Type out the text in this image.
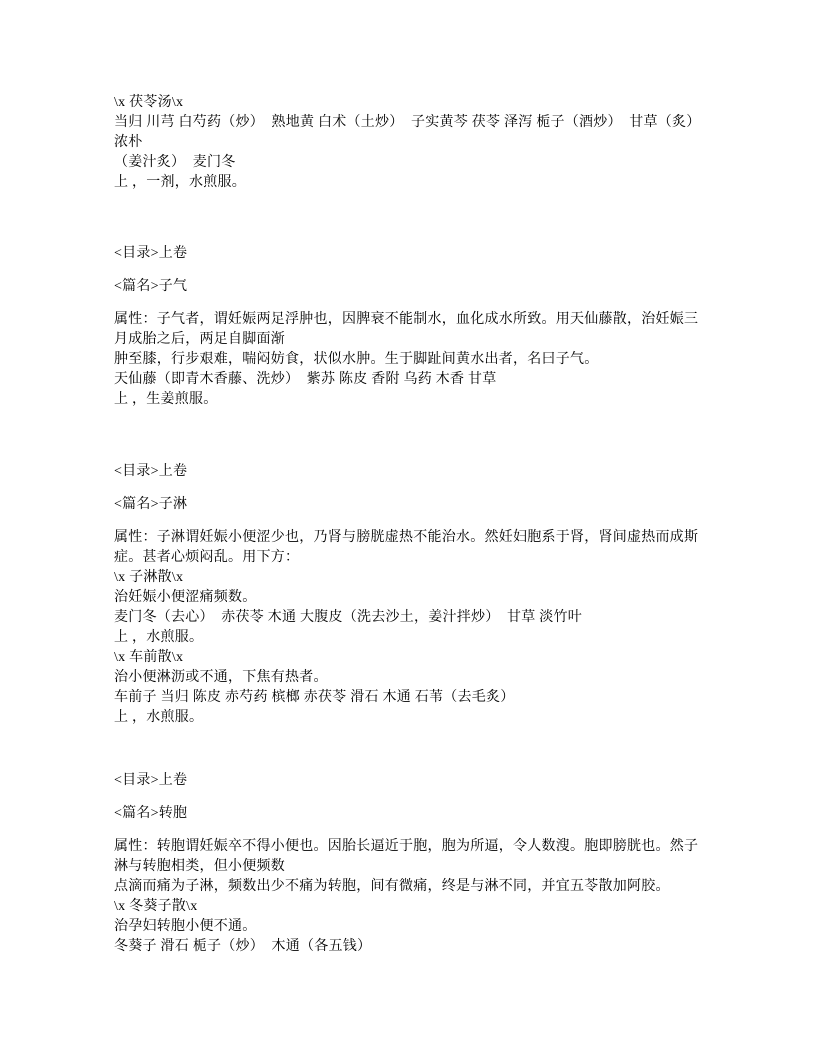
\x 茯苓汤\x
当归 川芎 白芍药（炒）  熟地黄 白术（土炒）  子实黄芩 茯苓 泽泻 栀子（酒炒）  甘草（炙）
浓朴
（姜汁炙）  麦门冬
上 ，一剂，水煎服。
<目录>上卷
<篇名>子气
属性：子气者，谓妊娠两足浮肿也，因脾衰不能制水，血化成水所致。用天仙藤散，治妊娠三
月成胎之后，两足自脚面渐
肿至膝，行步艰难，喘闷妨食，状似水肿。生于脚趾间黄水出者，名曰子气。
天仙藤（即青木香藤、洗炒）  紫苏 陈皮 香附 乌药 木香 甘草
上 ，生姜煎服。
<目录>上卷
<篇名>子淋
属性：子淋谓妊娠小便涩少也，乃肾与膀胱虚热不能治水。然妊妇胞系于肾，肾间虚热而成斯
症。甚者心烦闷乱。用下方：
\x 子淋散\x
治妊娠小便涩痛频数。
麦门冬（去心）  赤茯苓 木通 大腹皮（洗去沙土，姜汁拌炒）  甘草 淡竹叶
上 ，水煎服。
\x 车前散\x
治小便淋沥或不通，下焦有热者。
车前子 当归 陈皮 赤芍药 槟榔 赤茯苓 滑石 木通 石苇（去毛炙）
上 ，水煎服。
<目录>上卷
<篇名>转胞
属性：转胞谓妊娠卒不得小便也。因胎长逼近于胞，胞为所逼，令人数溲。胞即膀胱也。然子
淋与转胞相类，但小便频数
点滴而痛为子淋，频数出少不痛为转胞，间有微痛，终是与淋不同，并宜五苓散加阿胶。
\x 冬葵子散\x
治孕妇转胞小便不通。
冬葵子 滑石 栀子（炒）  木通（各五钱）
